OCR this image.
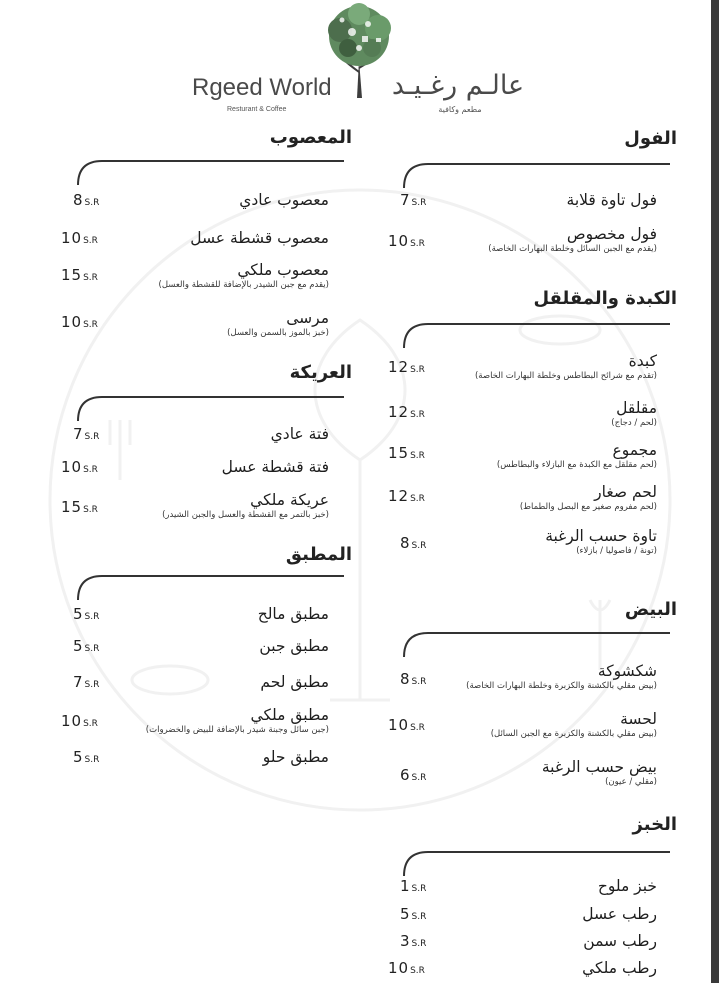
Rgeed World
Resturant & Coffee
عالـم رغـيـد
مطعم وكافية
الفول
فول تاوة قلابة
7S.R
فول مخصوص
(يقدم مع الجبن السائل وخلطة البهارات الخاصة)
10S.R
الكبدة والمقلقل
كبدة
(تقدم مع شرائح البطاطس وخلطة البهارات الخاصة)
12S.R
مقلقل
(لحم / دجاج)
12S.R
مجموع
(لحم مقلقل مع الكبدة مع البازلاء والبطاطس)
15S.R
لحم صغار
(لحم مفروم صغير مع البصل والطماط)
12S.R
تاوة حسب الرغبة
(تونة / فاصوليا / بازلاء)
8S.R
البيض
شكشوكة
(بيض مقلي بالكشنة والكزبرة وخلطة البهارات الخاصة)
8S.R
لحسة
(بيض مقلي بالكشنة والكزبرة مع الجبن السائل)
10S.R
بيض حسب الرغبة
(مقلي / عيون)
6S.R
الخبز
خبز ملوح
1S.R
رطب عسل
5S.R
رطب سمن
3S.R
رطب ملكي
10S.R
المعصوب
معصوب عادي
8S.R
معصوب قشطة عسل
10S.R
معصوب ملكي
(يقدم مع جبن الشيدر بالإضافة للقشطة والعسل)
15S.R
مرسى
(خبز بالموز بالسمن والعسل)
10S.R
العريكة
فتة عادي
7S.R
فتة قشطة عسل
10S.R
عريكة ملكي
(خبز بالتمر مع القشطة والعسل والجبن الشيدر)
15S.R
المطبق
مطبق مالح
5S.R
مطبق جبن
5S.R
مطبق لحم
7S.R
مطبق ملكي
(جبن سائل وجبنة شيدر بالإضافة للبيض والخضروات)
10S.R
مطبق حلو
5S.R
